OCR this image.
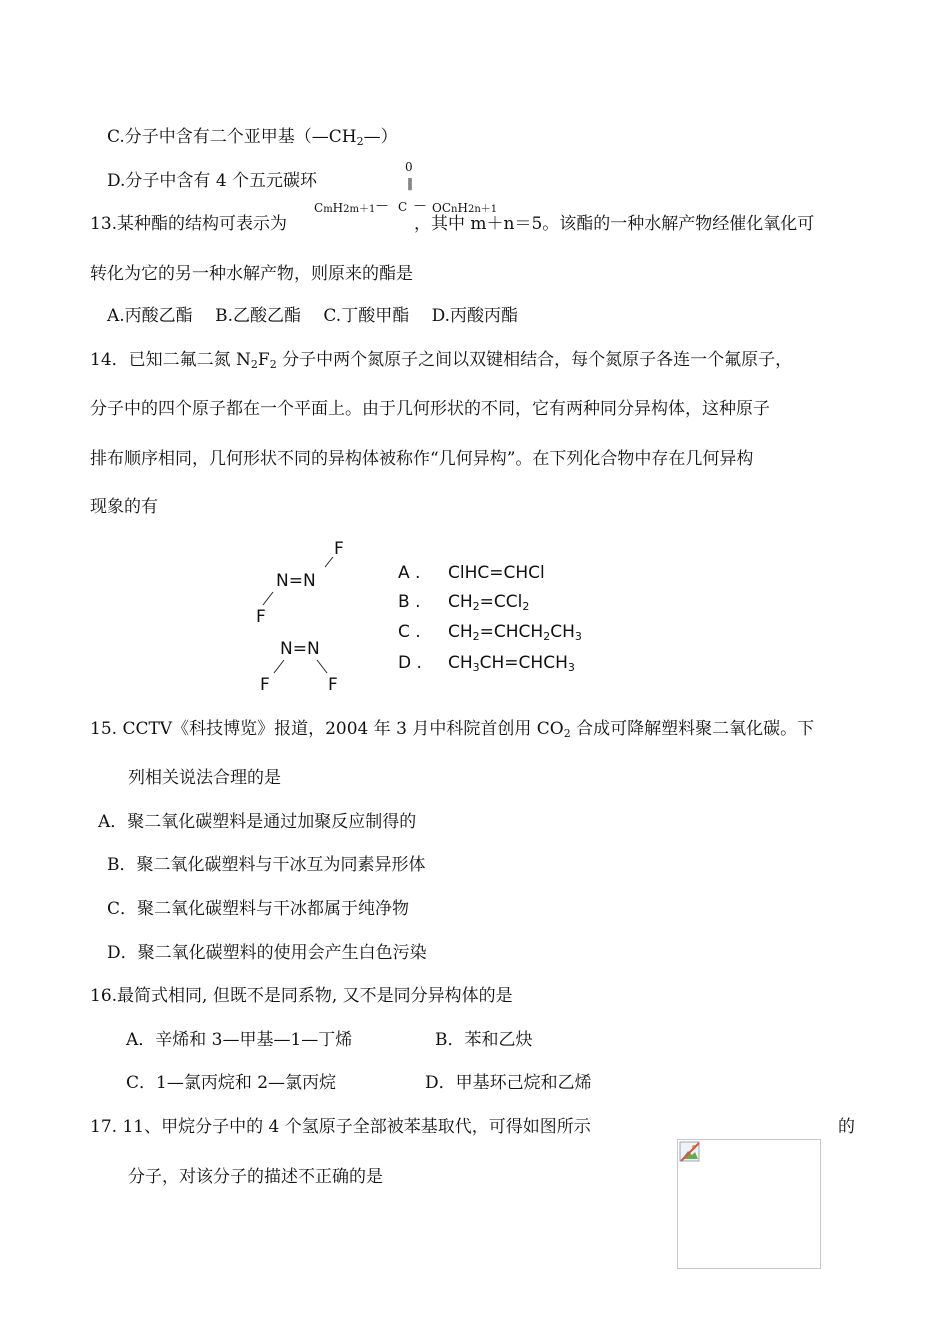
C.分子中含有二个亚甲基$(—CH_2—)$
D.分子中含有 4 个五元碳环
13.某种酯的结构可表示为
0
‖
CmH2m＋1 — C — OCnH2n＋1
，其中 m＋n＝5。该酯的一种水解产物经催化氧化可
转化为它的另一种水解产物，则原来的酯是
A.丙酸乙酯　 B.乙酸乙酯　 C.丁酸甲酯　 D.丙酸丙酯
14．已知二氟二氮 $N_2F_2$ 分子中两个氮原子之间以双键相结合，每个氮原子各连一个氟原子，
分子中的四个原子都在一个平面上。由于几何形状的不同，它有两种同分异构体，这种原子
排布顺序相同，几何形状不同的异构体被称作“几何异构”。在下列化合物中存在几何异构
现象的有
F
N=N
F
N=N
F	F
A . ClHC=CHCl
B . $CH_2=CCl_2$
C . $CH_2=CHCH_2CH_3$
D . $CH_3CH=CHCH_3$
15. CCTV《科技博览》报道，2004 年 3 月中科院首创用 $CO_2$ 合成可降解塑料聚二氧化碳。下
列相关说法合理的是
A．聚二氧化碳塑料是通过加聚反应制得的
B．聚二氧化碳塑料与干冰互为同素异形体
C．聚二氧化碳塑料与干冰都属于纯净物
D．聚二氧化碳塑料的使用会产生白色污染
16.最简式相同, 但既不是同系物, 又不是同分异构体的是
A．辛烯和 3—甲基—1—丁烯	B．苯和乙炔
C．1—氯丙烷和 2—氯丙烷	D．甲基环己烷和乙烯
17. 11、甲烷分子中的 4 个氢原子全部被苯基取代，可得如图所示	的
分子，对该分子的描述不正确的是
